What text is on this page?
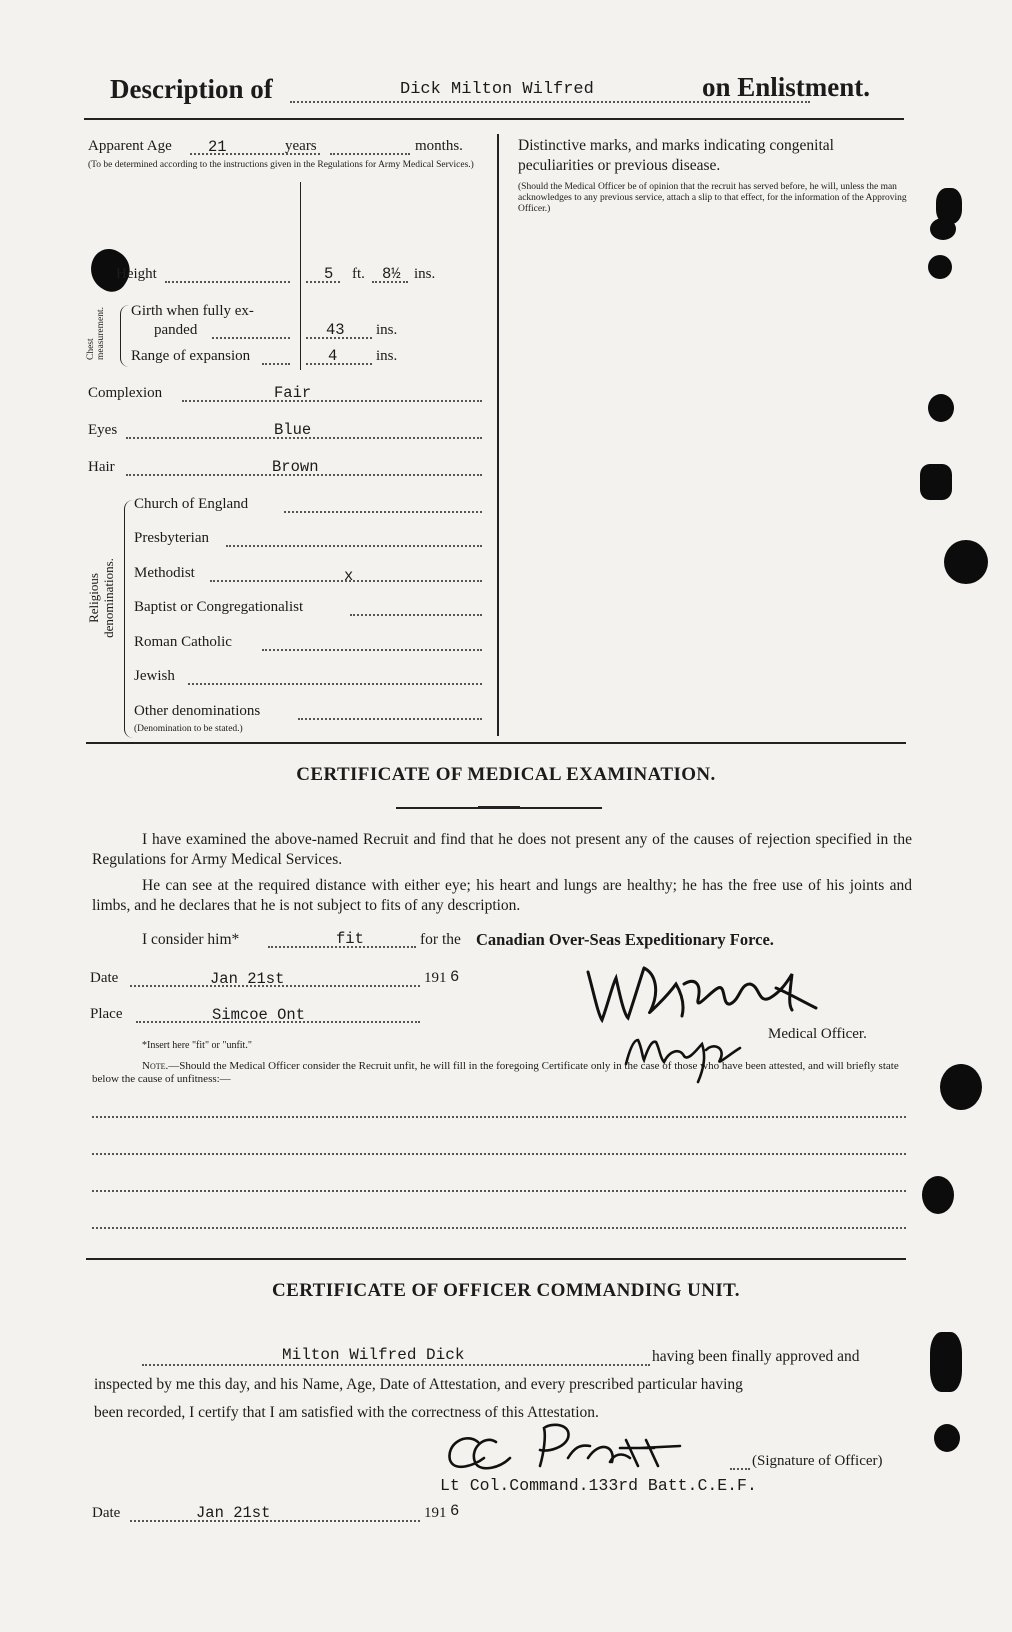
Description of	Dick Milton Wilfred	on Enlistment.
Apparent Age 21	years	months.
(To be determined according to the instructions given in the Regulations for Army Medical Services.)
Height	5 ft. 8½ ins.
Chest measurement. Girth when fully ex-
panded	43 ins.
Range of expansion	4	ins.
Complexion	Fair
Eyes	Blue
Hair	Brown
Religious denominations.
Church of England
Presbyterian
Methodist	x
Baptist or Congregationalist
Roman Catholic
Jewish
Other denominations
(Denomination to be stated.)
Distinctive marks, and marks indicating congenital peculiarities or previous disease.
(Should the Medical Officer be of opinion that the recruit has served before, he will, unless the man acknowledges to any previous service, attach a slip to that effect, for the information of the Approving Officer.)
CERTIFICATE OF MEDICAL EXAMINATION.
I have examined the above-named Recruit and find that he does not present any of the causes of rejection specified in the Regulations for Army Medical Services.
He can see at the required distance with either eye; his heart and lungs are healthy; he has the free use of his joints and limbs, and he declares that he is not subject to fits of any description.
I consider him*	fit	for the Canadian Over-Seas Expeditionary Force.
Date	Jan 21st	191 6
Place	Simcoe Ont
*Insert here "fit" or "unfit."
Medical Officer.
Note.—Should the Medical Officer consider the Recruit unfit, he will fill in the foregoing Certificate only in the case of those who have been attested, and will briefly state below the cause of unfitness:—
CERTIFICATE OF OFFICER COMMANDING UNIT.
Milton Wilfred Dick	having been finally approved and
inspected by me this day, and his Name, Age, Date of Attestation, and every prescribed particular having
been recorded, I certify that I am satisfied with the correctness of this Attestation.
(Signature of Officer)
Lt Col.Command.133rd Batt.C.E.F.
Date	Jan 21st	191 6
